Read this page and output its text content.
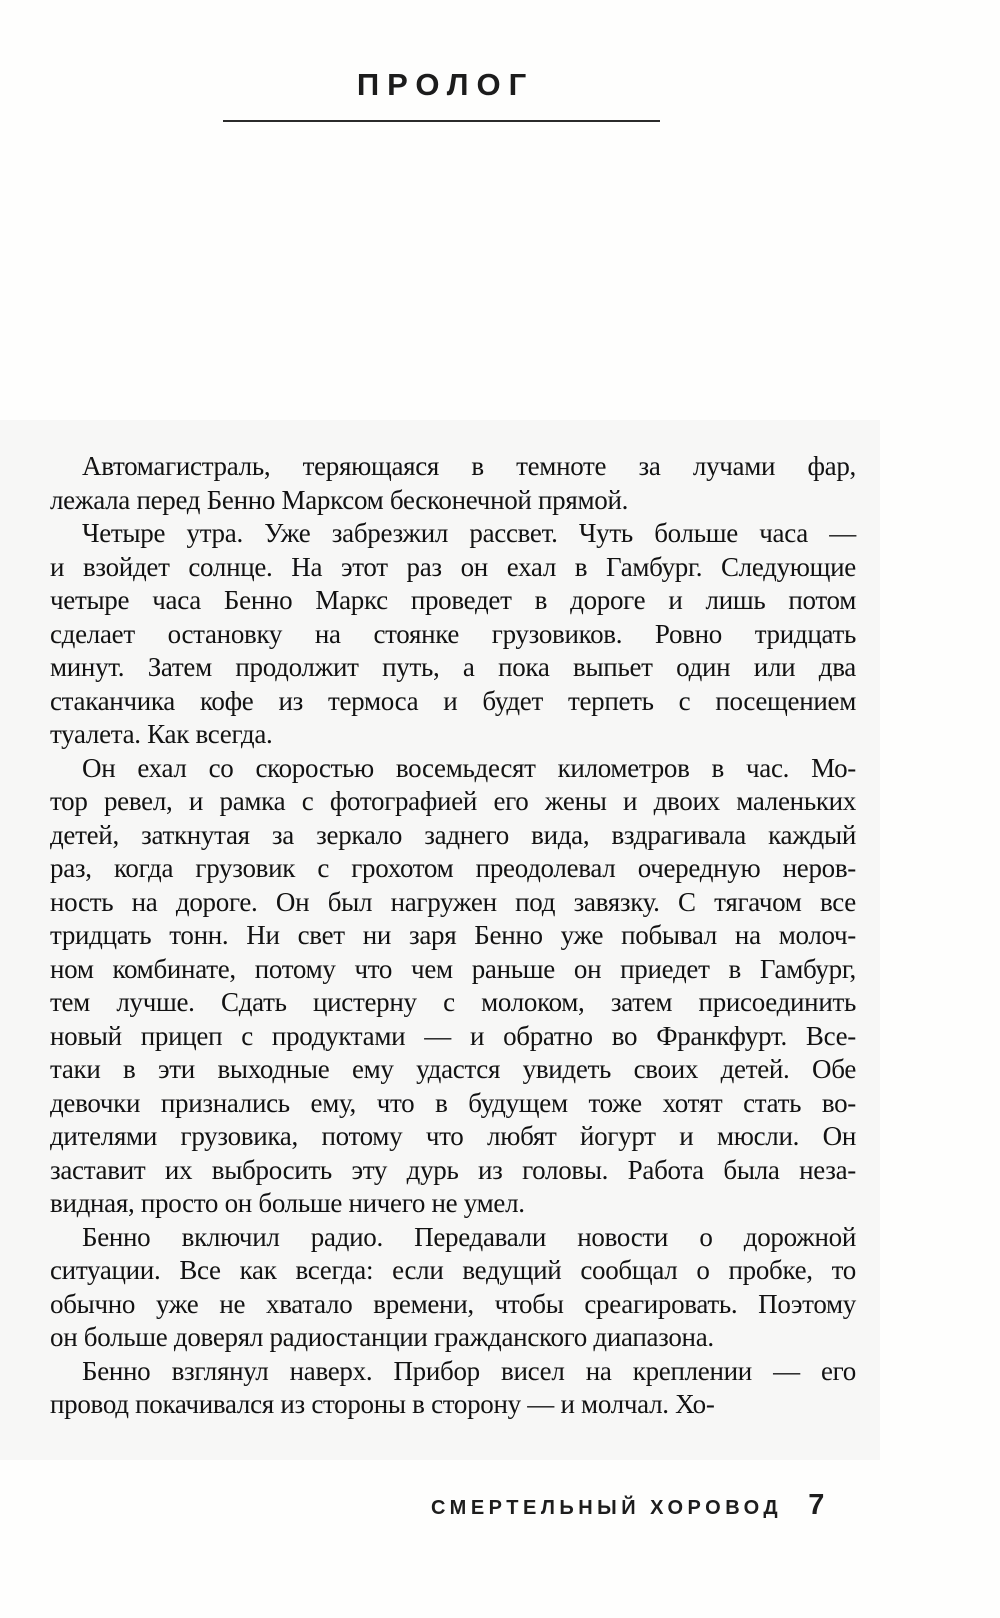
ПРОЛОГ
Автомагистраль, теряющаяся в темноте за лучами фар,
лежала перед Бенно Марксом бесконечной прямой.
Четыре утра. Уже забрезжил рассвет. Чуть больше часа —
и взойдет солнце. На этот раз он ехал в Гамбург. Следующие
четыре часа Бенно Маркс проведет в дороге и лишь потом
сделает остановку на стоянке грузовиков. Ровно тридцать
минут. Затем продолжит путь, а пока выпьет один или два
стаканчика кофе из термоса и будет терпеть с посещением
туалета. Как всегда.
Он ехал со скоростью восемьдесят километров в час. Мо-
тор ревел, и рамка с фотографией его жены и двоих маленьких
детей, заткнутая за зеркало заднего вида, вздрагивала каждый
раз, когда грузовик с грохотом преодолевал очередную неров-
ность на дороге. Он был нагружен под завязку. С тягачом все
тридцать тонн. Ни свет ни заря Бенно уже побывал на молоч-
ном комбинате, потому что чем раньше он приедет в Гамбург,
тем лучше. Сдать цистерну с молоком, затем присоединить
новый прицеп с продуктами — и обратно во Франкфурт. Все-
таки в эти выходные ему удастся увидеть своих детей. Обе
девочки признались ему, что в будущем тоже хотят стать во-
дителями грузовика, потому что любят йогурт и мюсли. Он
заставит их выбросить эту дурь из головы. Работа была неза-
видная, просто он больше ничего не умел.
Бенно включил радио. Передавали новости о дорожной
ситуации. Все как всегда: если ведущий сообщал о пробке, то
обычно уже не хватало времени, чтобы среагировать. Поэтому
он больше доверял радиостанции гражданского диапазона.
Бенно взглянул наверх. Прибор висел на креплении — его
провод покачивался из стороны в сторону — и молчал. Хо-
СМЕРТЕЛЬНЫЙ ХОРОВОД 7
